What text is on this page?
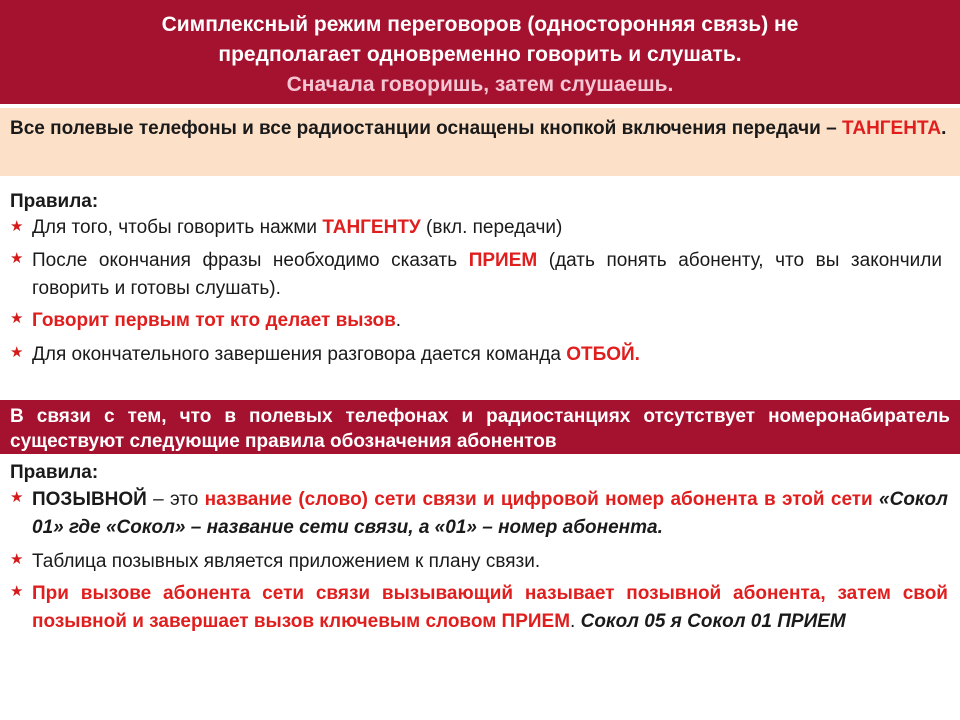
Симплексный режим переговоров (односторонняя связь) не
предполагает одновременно говорить и слушать.
Сначала говоришь, затем слушаешь.
Все полевые телефоны и все радиостанции оснащены кнопкой включения передачи – ТАНГЕНТА.
Правила:
★ Для того, чтобы говорить нажми ТАНГЕНТУ (вкл. передачи)
★ После окончания фразы необходимо сказать ПРИЕМ (дать понять абоненту, что вы закончили говорить и готовы слушать).
★ Говорит первым тот кто делает вызов.
★ Для окончательного завершения разговора дается команда ОТБОЙ.
В связи с тем, что в полевых телефонах и радиостанциях отсутствует номеронабиратель существуют следующие правила обозначения абонентов
Правила:
★ ПОЗЫВНОЙ – это название (слово) сети связи и цифровой номер абонента в этой сети «Сокол 01» где «Сокол» – название сети связи, а «01» – номер абонента.
★ Таблица позывных является приложением к плану связи.
★ При вызове абонента сети связи вызывающий называет позывной абонента, затем свой позывной и завершает вызов ключевым словом ПРИЕМ. Сокол 05 я Сокол 01 ПРИЕМ
